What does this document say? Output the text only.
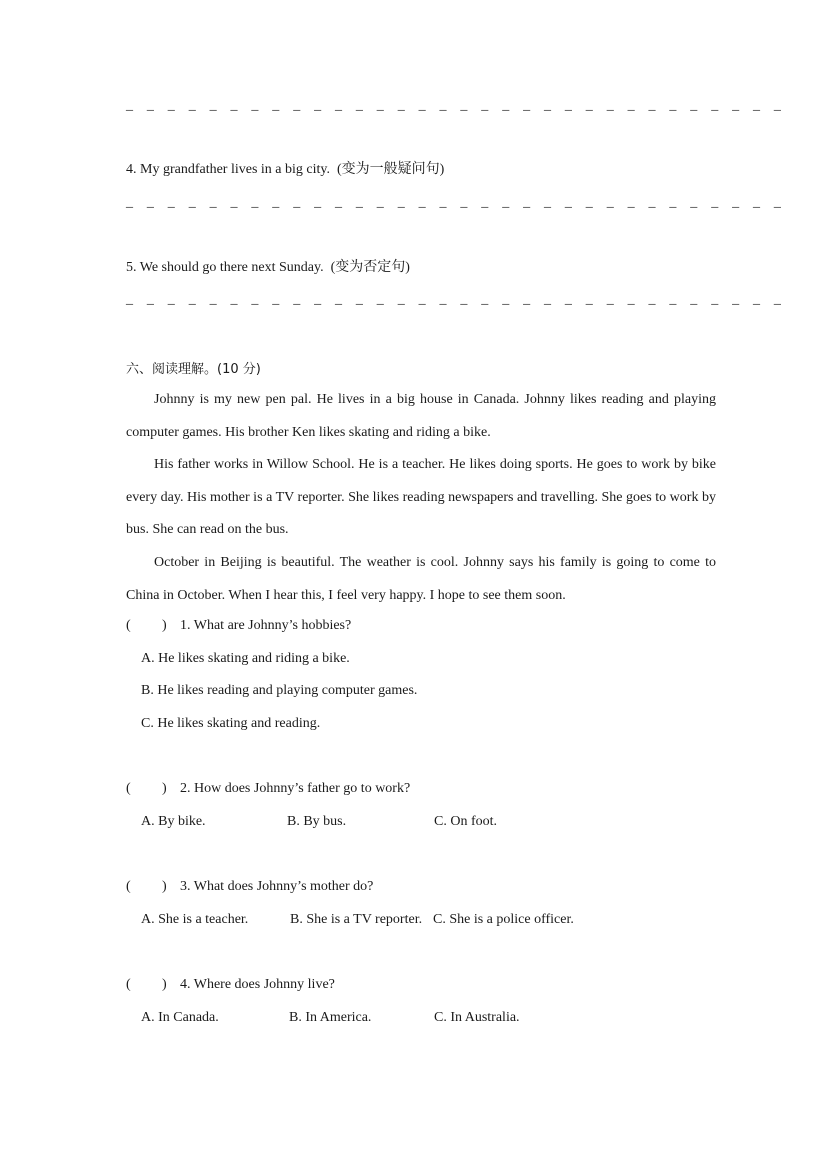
_ _ _ _ _ _ _ _ _ _ _ _ _ _ _ _ _ _ _ _ _ _ _ _ _ _ _ _ _ _ _ _
4. My grandfather lives in a big city.  (变为一般疑问句)
_ _ _ _ _ _ _ _ _ _ _ _ _ _ _ _ _ _ _ _ _ _ _ _ _ _ _ _ _ _ _ _
5. We should go there next Sunday.  (变为否定句)
_ _ _ _ _ _ _ _ _ _ _ _ _ _ _ _ _ _ _ _ _ _ _ _ _ _ _ _ _ _ _ _
六、阅读理解。(10 分)
Johnny is my new pen pal. He lives in a big house in Canada. Johnny likes reading and playing computer games. His brother Ken likes skating and riding a bike.
His father works in Willow School. He is a teacher. He likes doing sports. He goes to work by bike every day. His mother is a TV reporter. She likes reading newspapers and travelling. She goes to work by bus. She can read on the bus.
October in Beijing is beautiful. The weather is cool. Johnny says his family is going to come to China in October. When I hear this, I feel very happy. I hope to see them soon.
( ) 1. What are Johnny’s hobbies?
A. He likes skating and riding a bike.
B. He likes reading and playing computer games.
C. He likes skating and reading.
( ) 2. How does Johnny’s father go to work?
A. By bike.	B. By bus.	C. On foot.
( ) 3. What does Johnny’s mother do?
A. She is a teacher.	B. She is a TV reporter. C. She is a police officer.
( ) 4. Where does Johnny live?
A. In Canada.	B. In America.	C. In Australia.
